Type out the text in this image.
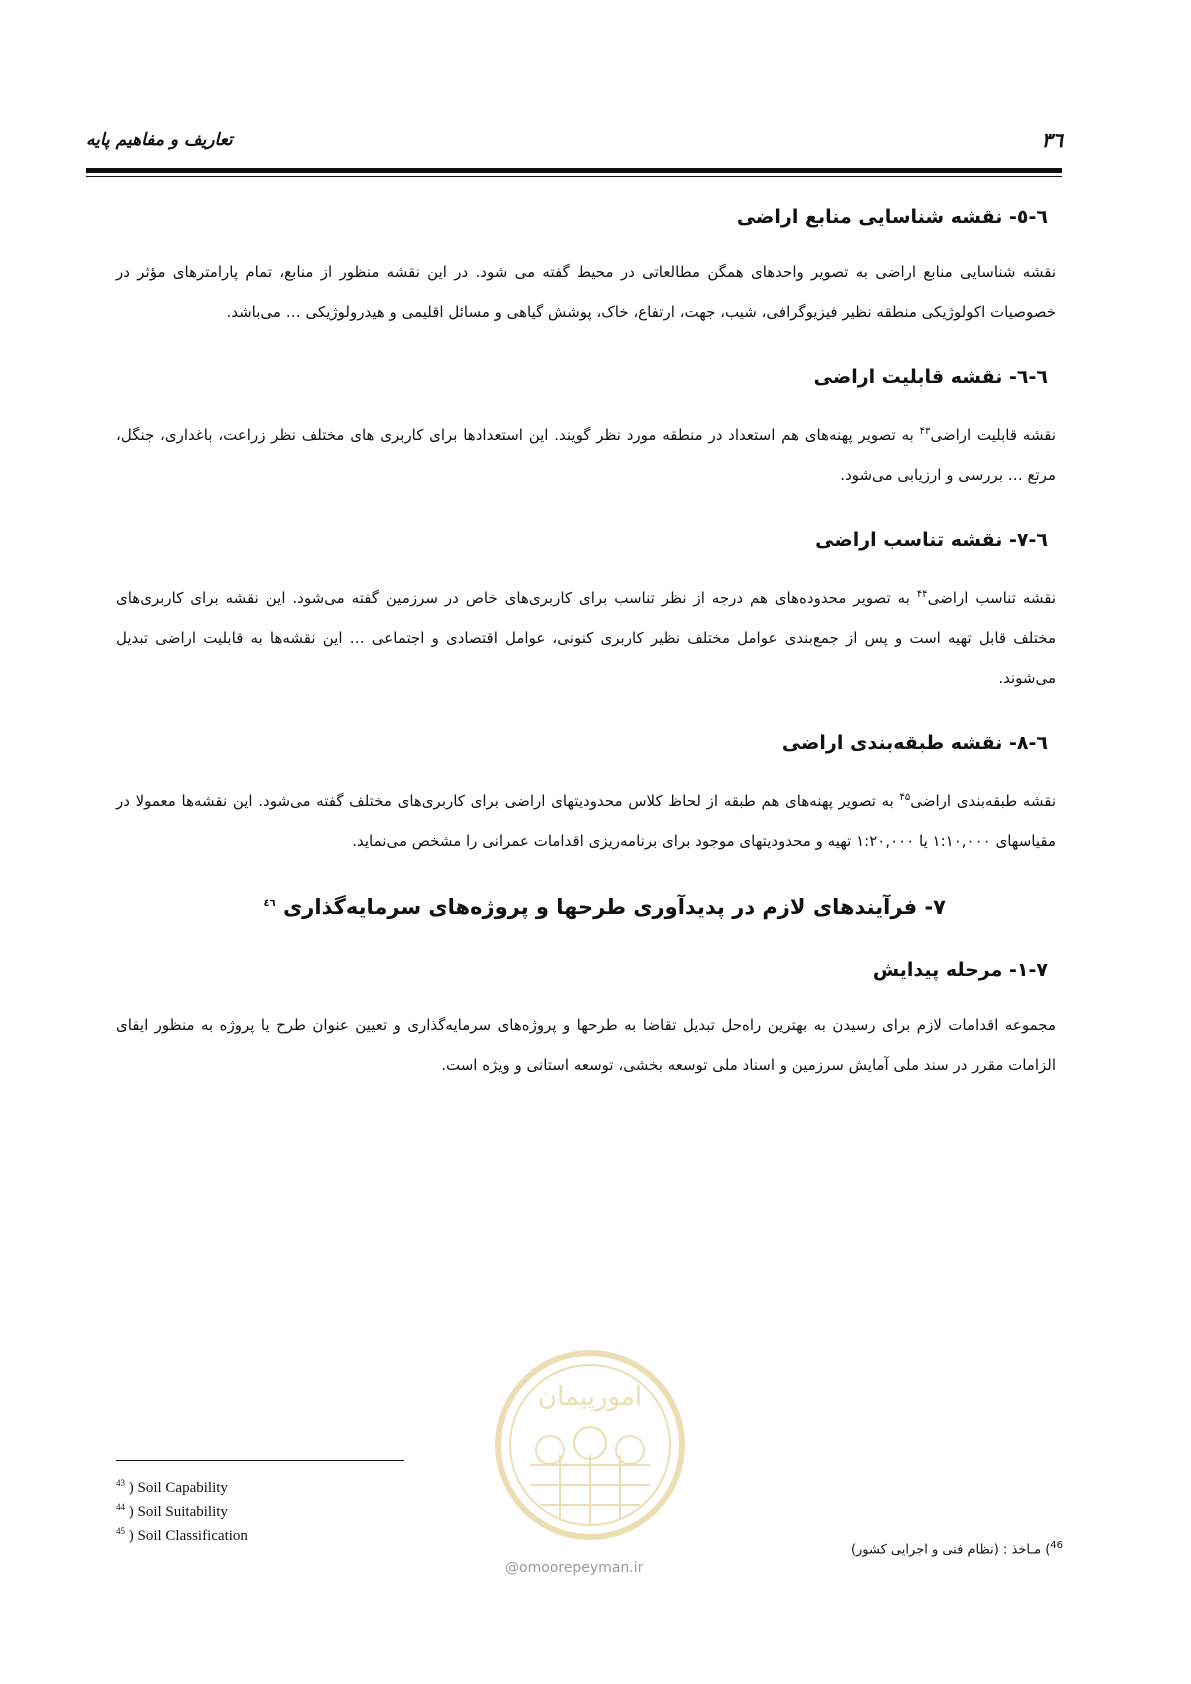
۳٦
تعاریف و مفاهیم پایه
٦-٥- نقشه شناسایی منابع اراضی

نقشه شناسایی منابع اراضی به تصویر واحدهای همگن مطالعاتی در محیط گفته می شود. در این نقشه منظور از منابع، تمام پارامترهای مؤثر در خصوصیات اکولوژیکی منطقه نظیر فیزیوگرافی، شیب، جهت، ارتفاع، خاک، پوشش گیاهی و مسائل اقلیمی و هیدرولوژیکی … می‌باشد.

٦-٦- نقشه قابلیت اراضی

نقشه قابلیت اراضی$^{۴۳}$ به تصویر پهنه‌های هم استعداد در منطقه مورد نظر گویند. این استعدادها برای کاربری های مختلف نظر زراعت، باغداری، جنگل، مرتع … بررسی و ارزیابی می‌شود.

٦-٧- نقشه تناسب اراضی

نقشه تناسب اراضی$^{۴۴}$ به تصویر محدوده‌های هم درجه از نظر تناسب برای کاربری‌های خاص در سرزمین گفته می‌شود. این نقشه برای کاربری‌های مختلف قابل تهیه است و پس از جمع‌بندی عوامل مختلف نظیر کاربری کنونی، عوامل اقتصادی و اجتماعی … این نقشه‌ها به قابلیت اراضی تبدیل می‌شوند.

٦-٨- نقشه طبقه‌بندی اراضی

نقشه طبقه‌بندی اراضی$^{۴۵}$ به تصویر پهنه‌های هم طبقه از لحاظ کلاس محدودیتهای اراضی برای کاربری‌های مختلف گفته می‌شود. این نقشه‌ها معمولا در مقیاسهای ۱:۱۰,۰۰۰ یا ۱:۲۰,۰۰۰ تهیه و محدودیتهای موجود برای برنامه‌ریزی اقدامات عمرانی را مشخص می‌نماید.

٧- فرآیندهای لازم در پدیدآوری طرحها و پروژه‌های سرمایه‌گذاری $^{٤٦}$
٧-١- مرحله پیدایش

مجموعه اقدامات لازم برای رسیدن به بهترین راه‌حل تبدیل تقاضا به طرحها و پروژه‌های سرمایه‌گذاری و تعیین عنوان طرح یا پروژه به منظور ایفای الزامات مقرر در سند ملی آمایش سرزمین و اسناد ملی توسعه بخشی، توسعه استانی و ویژه است.

امورپیمان
@omoorepeyman.ir
$^{43}$ ) Soil Capability
$^{44}$ ) Soil Suitability
$^{45}$ ) Soil Classification
$^{46}$) مـاخذ : (نظام فنی و اجرایی کشور)
